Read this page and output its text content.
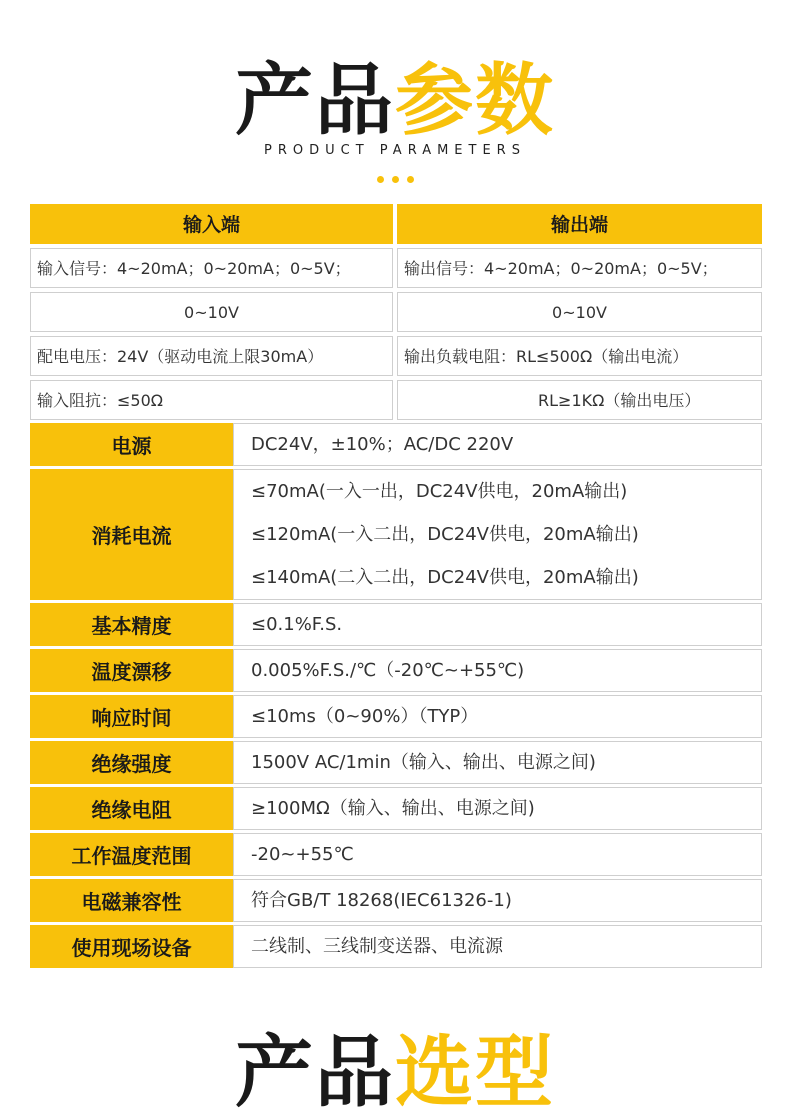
产品参数
PRODUCT PARAMETERS
输入端	输出端
输入信号：4~20mA；0~20mA；0~5V；	输出信号：4~20mA；0~20mA；0~5V；
0~10V	0~10V
配电电压：24V（驱动电流上限30mA）	输出负载电阻：RL≤500Ω（输出电流）
输入阻抗：≤50Ω	RL≥1KΩ（输出电压）
电源	DC24V，±10%；AC/DC 220V
消耗电流
≤70mA(一入一出，DC24V供电，20mA输出)
≤120mA(一入二出，DC24V供电，20mA输出)
≤140mA(二入二出，DC24V供电，20mA输出)
基本精度	≤0.1%F.S.
温度漂移	0.005%F.S./℃（-20℃~+55℃)
响应时间	≤10ms（0~90%）（TYP）
绝缘强度	1500V AC/1min（输入、输出、电源之间)
绝缘电阻	≥100MΩ（输入、输出、电源之间)
工作温度范围	-20~+55℃
电磁兼容性	符合GB/T 18268(IEC61326-1)
使用现场设备	二线制、三线制变送器、电流源
产品选型
